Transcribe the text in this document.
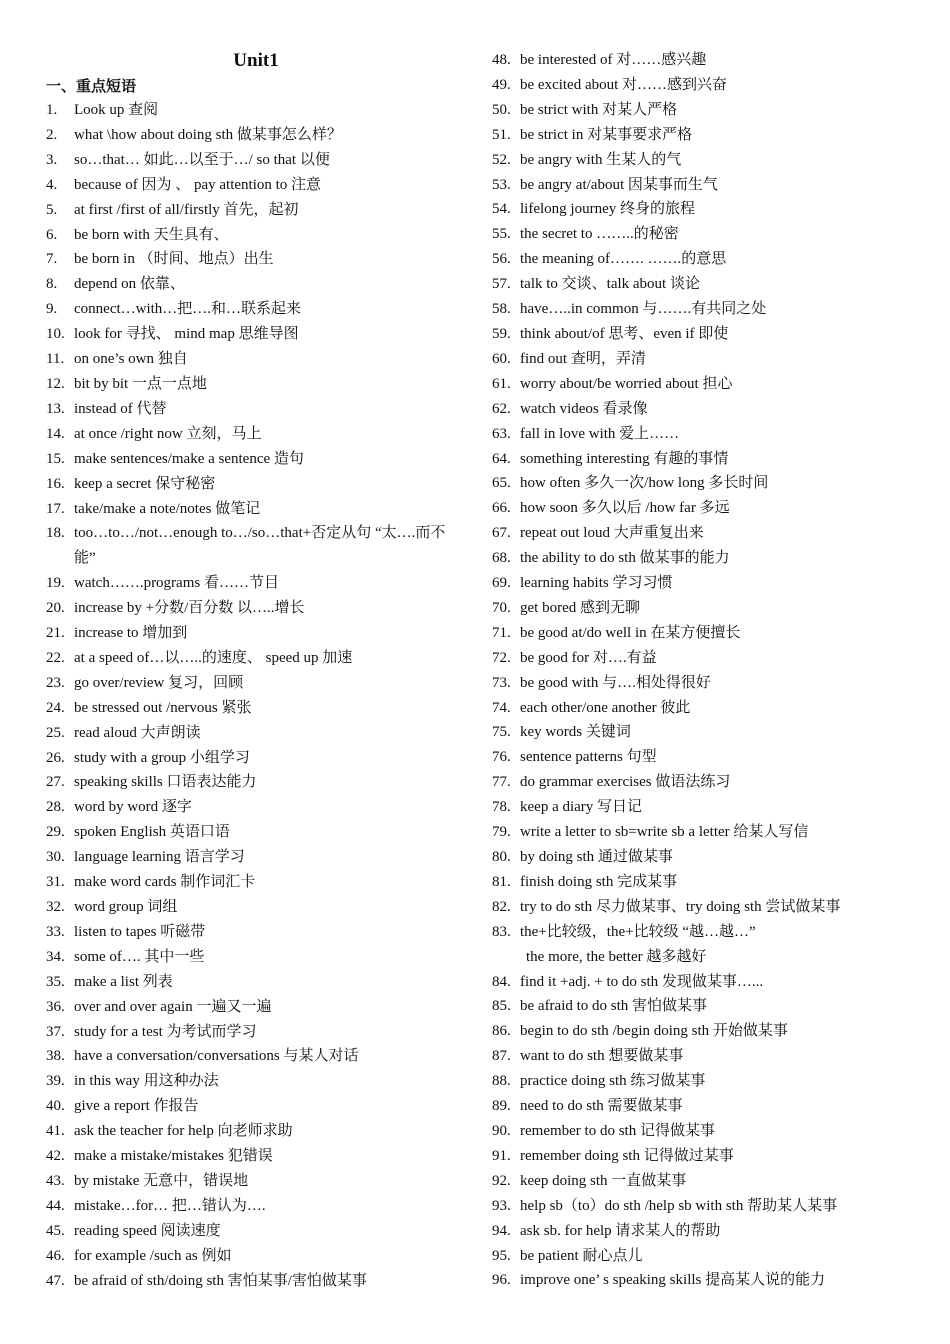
Unit1
一、重点短语
1. Look up 查阅
2. what \how about doing sth 做某事怎么样？
3. so…that… 如此…以至于…/ so that 以便
4. because of 因为 、 pay attention to 注意
5. at first /first of all/firstly 首先，起初
6. be born with 天生具有、
7. be born in （时间、地点）出生
8. depend on 依靠、
9. connect…with…把….和…联系起来
10. look for 寻找、 mind map 思维导图
11. on one’s own 独自
12. bit by bit 一点一点地
13. instead of 代替
14. at once /right now 立刻，马上
15. make sentences/make a sentence 造句
16. keep a secret 保守秘密
17. take/make a note/notes 做笔记
18. too…to…/not…enough to…/so…that+否定从句 “太….而不能”
19. watch…….programs 看……节目
20. increase by +分数/百分数 以…..增长
21. increase to 增加到
22. at a speed of…以…..的速度、 speed up 加速
23. go over/review 复习，回顾
24. be stressed out /nervous 紧张
25. read aloud 大声朗读
26. study with a group 小组学习
27. speaking skills 口语表达能力
28. word by word 逐字
29. spoken English 英语口语
30. language learning 语言学习
31. make word cards 制作词汇卡
32. word group 词组
33. listen to tapes 听磁带
34. some of…. 其中一些
35. make a list 列表
36. over and over again 一遍又一遍
37. study for a test 为考试而学习
38. have a conversation/conversations 与某人对话
39. in this way 用这种办法
40. give a report 作报告
41. ask the teacher for help 向老师求助
42. make a mistake/mistakes 犯错误
43. by mistake 无意中，错误地
44. mistake…for… 把…错认为….
45. reading speed 阅读速度
46. for example /such as 例如
47. be afraid of sth/doing sth 害怕某事/害怕做某事
48. be interested of 对……感兴趣
49. be excited about 对……感到兴奋
50. be strict with 对某人严格
51. be strict in 对某事要求严格
52. be angry with 生某人的气
53. be angry at/about 因某事而生气
54. lifelong journey 终身的旅程
55. the secret to ……..的秘密
56. the meaning of……. …….的意思
57. talk to 交谈、talk about 谈论
58. have…..in common 与…….有共同之处
59. think about/of 思考、even if 即使
60. find out 查明，弄清
61. worry about/be worried about 担心
62. watch videos 看录像
63. fall in love with 爱上……
64. something interesting 有趣的事情
65. how often 多久一次/how long 多长时间
66. how soon 多久以后 /how far 多远
67. repeat out loud 大声重复出来
68. the ability to do sth 做某事的能力
69. learning habits 学习习惯
70. get bored 感到无聊
71. be good at/do well in 在某方便擅长
72. be good for 对….有益
73. be good with 与….相处得很好
74. each other/one another 彼此
75. key words 关键词
76. sentence patterns 句型
77. do grammar exercises 做语法练习
78. keep a diary 写日记
79. write a letter to sb=write sb a letter 给某人写信
80. by doing sth 通过做某事
81. finish doing sth 完成某事
82. try to do sth 尽力做某事、try doing sth 尝试做某事
83. the+比较级，the+比较级 “越…越…”
the more, the better 越多越好
84. find it +adj. + to do sth 发现做某事…...
85. be afraid to do sth 害怕做某事
86. begin to do sth /begin doing sth 开始做某事
87. want to do sth 想要做某事
88. practice doing sth 练习做某事
89. need to do sth 需要做某事
90. remember to do sth 记得做某事
91. remember doing sth 记得做过某事
92. keep doing sth 一直做某事
93. help sb（to）do sth /help sb with sth 帮助某人某事
94. ask sb. for help 请求某人的帮助
95. be patient 耐心点儿
96. improve one’ s speaking skills 提高某人说的能力
